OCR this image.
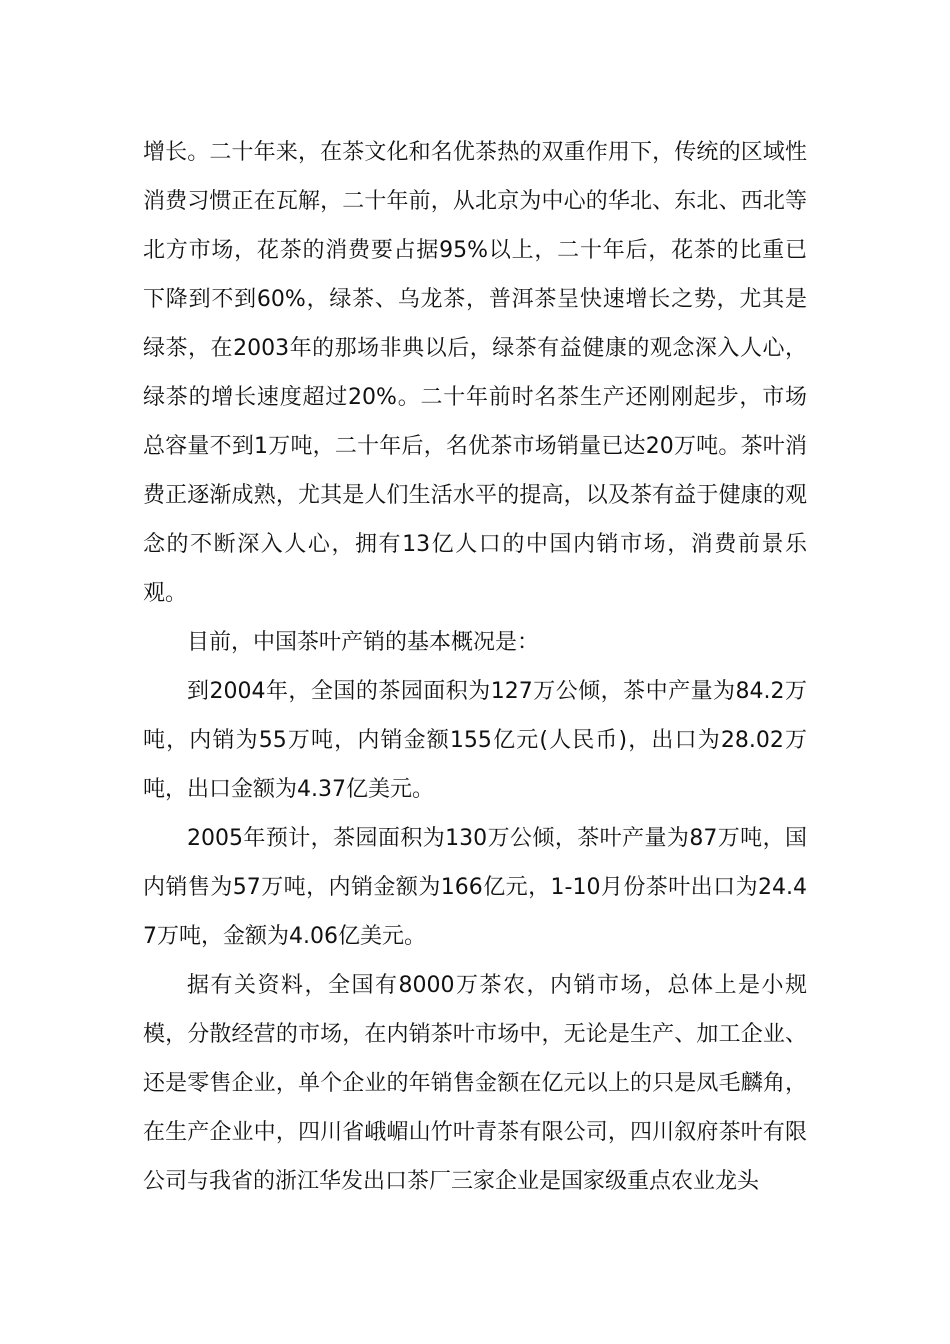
增长。二十年来，在茶文化和名优茶热的双重作用下，传统的区域性消费习惯正在瓦解，二十年前，从北京为中心的华北、东北、西北等北方市场，花茶的消费要占据95%以上，二十年后，花茶的比重已下降到不到60%，绿茶、乌龙茶，普洱茶呈快速增长之势，尤其是绿茶，在2003年的那场非典以后，绿茶有益健康的观念深入人心，绿茶的增长速度超过20%。二十年前时名茶生产还刚刚起步，市场总容量不到1万吨，二十年后，名优茶市场销量已达20万吨。茶叶消费正逐渐成熟，尤其是人们生活水平的提高，以及茶有益于健康的观念的不断深入人心，拥有13亿人口的中国内销市场，消费前景乐观。

目前，中国茶叶产销的基本概况是：

到2004年，全国的茶园面积为127万公倾，茶中产量为84.2万吨，内销为55万吨，内销金额155亿元(人民币)，出口为28.02万吨，出口金额为4.37亿美元。

2005年预计，茶园面积为130万公倾，茶叶产量为87万吨，国内销售为57万吨，内销金额为166亿元，1-10月份茶叶出口为24.47万吨，金额为4.06亿美元。

据有关资料，全国有8000万茶农，内销市场，总体上是小规模，分散经营的市场，在内销茶叶市场中，无论是生产、加工企业、还是零售企业，单个企业的年销售金额在亿元以上的只是凤毛麟角，在生产企业中，四川省峨嵋山竹叶青茶有限公司，四川叙府茶叶有限公司与我省的浙江华发出口茶厂三家企业是国家级重点农业龙头
